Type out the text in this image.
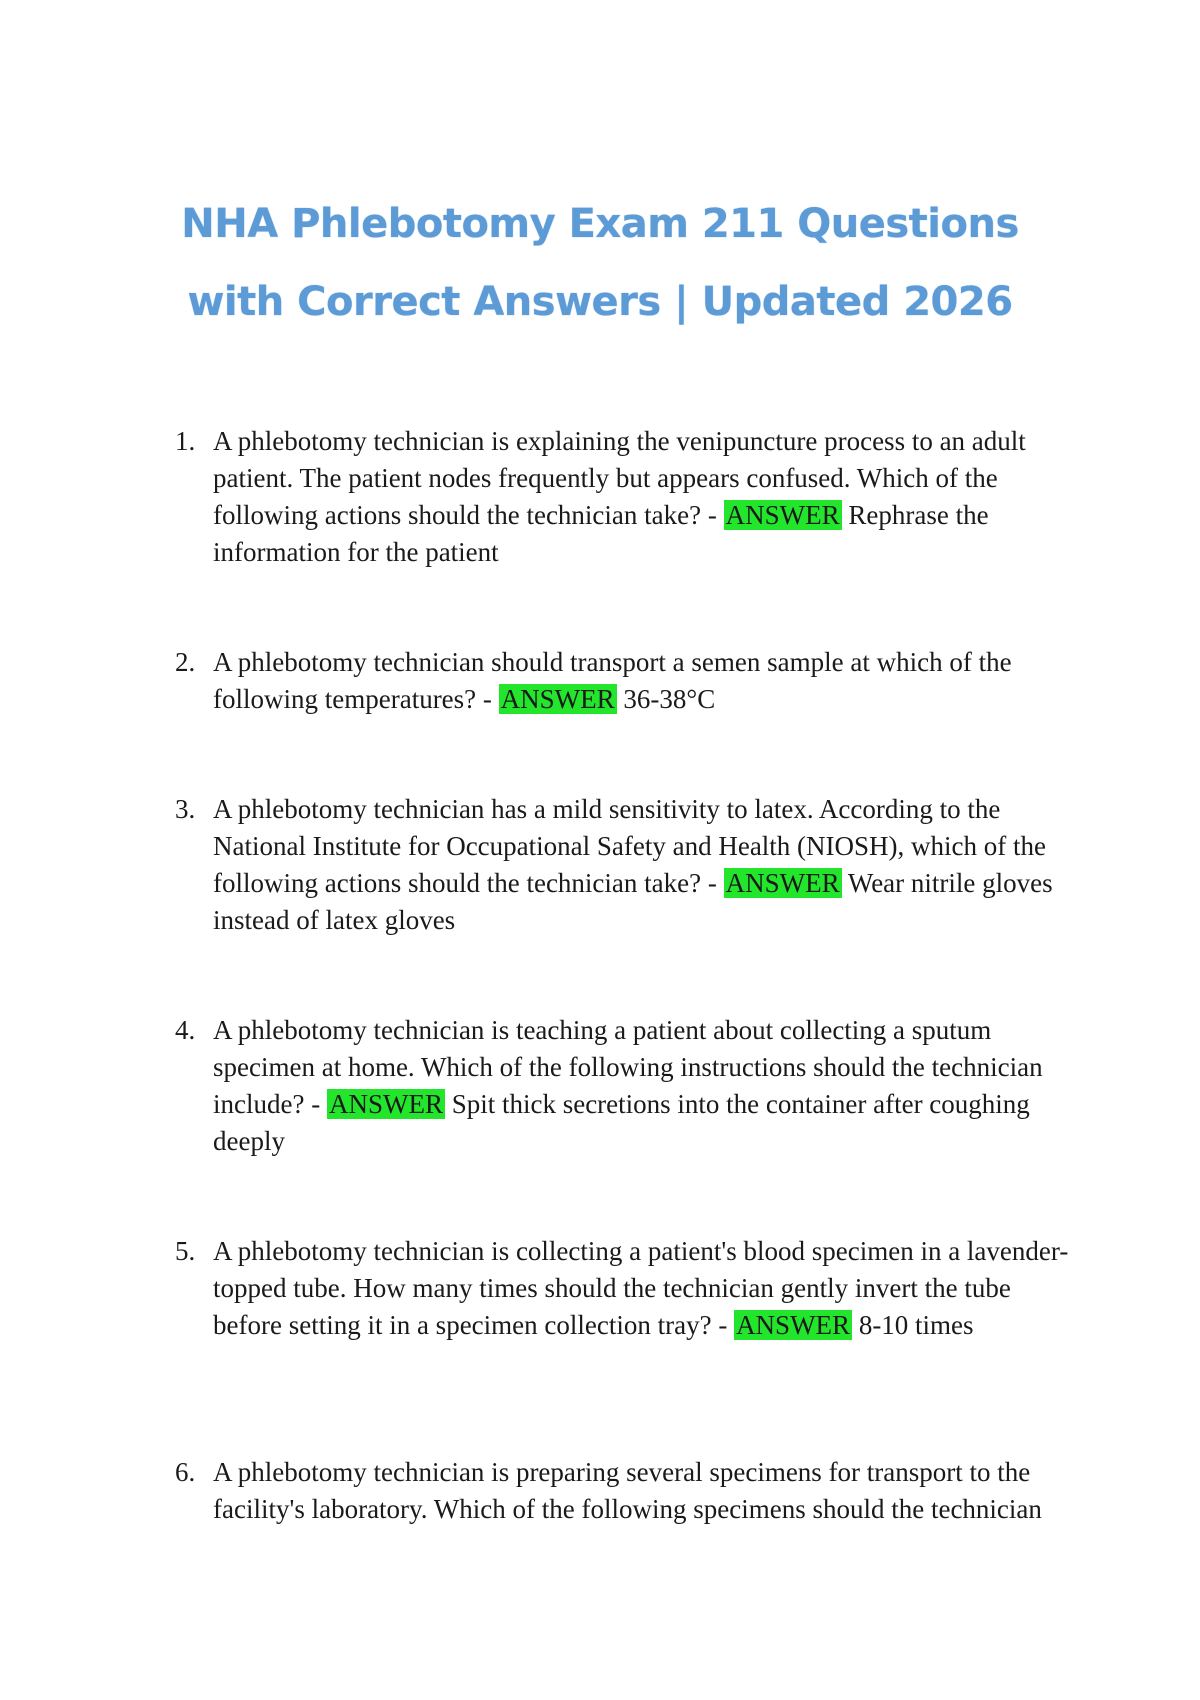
NHA Phlebotomy Exam 211 Questions
with Correct Answers | Updated 2026
1. A phlebotomy technician is explaining the venipuncture process to an adult patient. The patient nodes frequently but appears confused. Which of the following actions should the technician take? - ANSWER Rephrase the information for the patient
2. A phlebotomy technician should transport a semen sample at which of the following temperatures? - ANSWER 36-38°C
3. A phlebotomy technician has a mild sensitivity to latex. According to the National Institute for Occupational Safety and Health (NIOSH), which of the following actions should the technician take? - ANSWER Wear nitrile gloves instead of latex gloves
4. A phlebotomy technician is teaching a patient about collecting a sputum specimen at home. Which of the following instructions should the technician include? - ANSWER Spit thick secretions into the container after coughing deeply
5. A phlebotomy technician is collecting a patient's blood specimen in a lavender-topped tube. How many times should the technician gently invert the tube before setting it in a specimen collection tray? - ANSWER 8-10 times
6. A phlebotomy technician is preparing several specimens for transport to the facility's laboratory. Which of the following specimens should the technician
